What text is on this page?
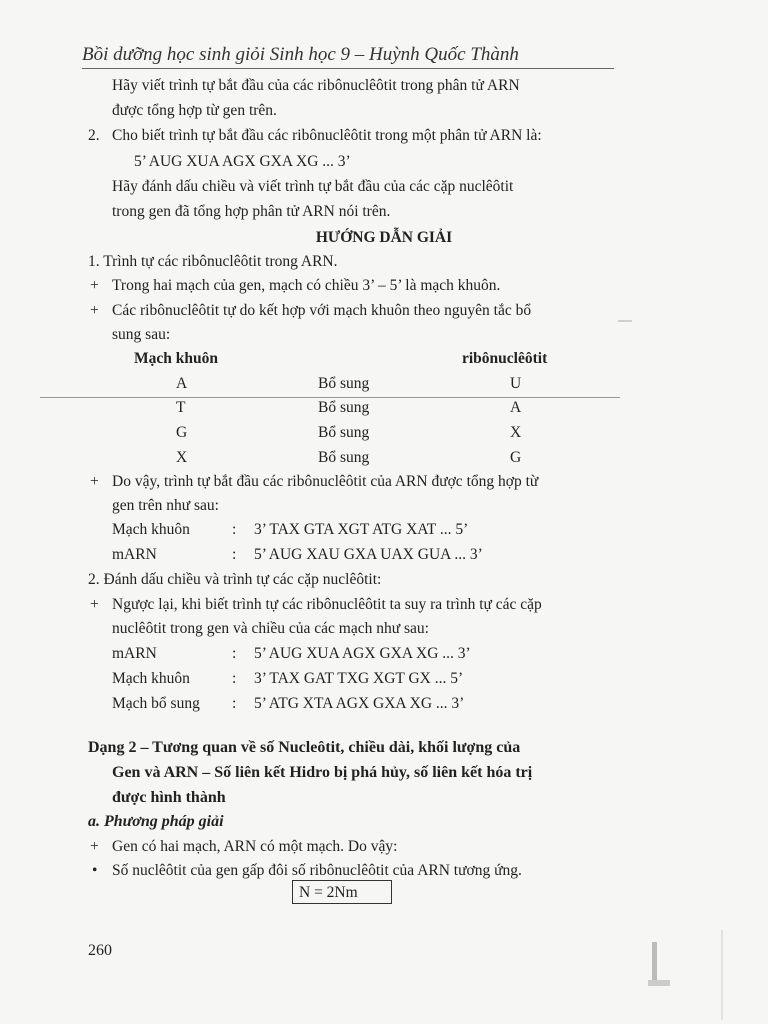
Bồi dưỡng học sinh giỏi Sinh học 9 – Huỳnh Quốc Thành
Hãy viết trình tự bắt đầu của các ribônuclêôtit trong phân tử ARN
được tổng hợp từ gen trên.
2. Cho biết trình tự bắt đầu các ribônuclêôtit trong một phân tử ARN là:
5’ AUG XUA AGX GXA XG ... 3’
Hãy đánh dấu chiều và viết trình tự bắt đầu của các cặp nuclêôtit
trong gen đã tổng hợp phân tử ARN nói trên.
HƯỚNG DẪN GIẢI
1. Trình tự các ribônuclêôtit trong ARN.
+ Trong hai mạch của gen, mạch có chiều 3’ – 5’ là mạch khuôn.
+ Các ribônuclêôtit tự do kết hợp với mạch khuôn theo nguyên tắc bổ
sung sau:
Mạch khuôn	ribônuclêôtit
A	Bổ sung	U
T	Bổ sung	A
G	Bổ sung	X
X	Bổ sung	G
+ Do vậy, trình tự bắt đầu các ribônuclêôtit của ARN được tổng hợp từ
gen trên như sau:
Mạch khuôn	: 3’ TAX GTA XGT ATG XAT ... 5’
mARN	: 5’ AUG XAU GXA UAX GUA ... 3’
2. Đánh dấu chiều và trình tự các cặp nuclêôtit:
+ Ngược lại, khi biết trình tự các ribônuclêôtit ta suy ra trình tự các cặp
nuclêôtit trong gen và chiều của các mạch như sau:
mARN	: 5’ AUG XUA AGX GXA XG ... 3’
Mạch khuôn	: 3’ TAX GAT TXG XGT GX ... 5’
Mạch bổ sung : 5’ ATG XTA AGX GXA XG ... 3’
Dạng 2 – Tương quan về số Nucleôtit, chiều dài, khối lượng của
Gen và ARN – Số liên kết Hidro bị phá hủy, số liên kết hóa trị
được hình thành
a. Phương pháp giải
+ Gen có hai mạch, ARN có một mạch. Do vậy:
• Số nuclêôtit của gen gấp đôi số ribônuclêôtit của ARN tương ứng.
N = 2Nm
260
